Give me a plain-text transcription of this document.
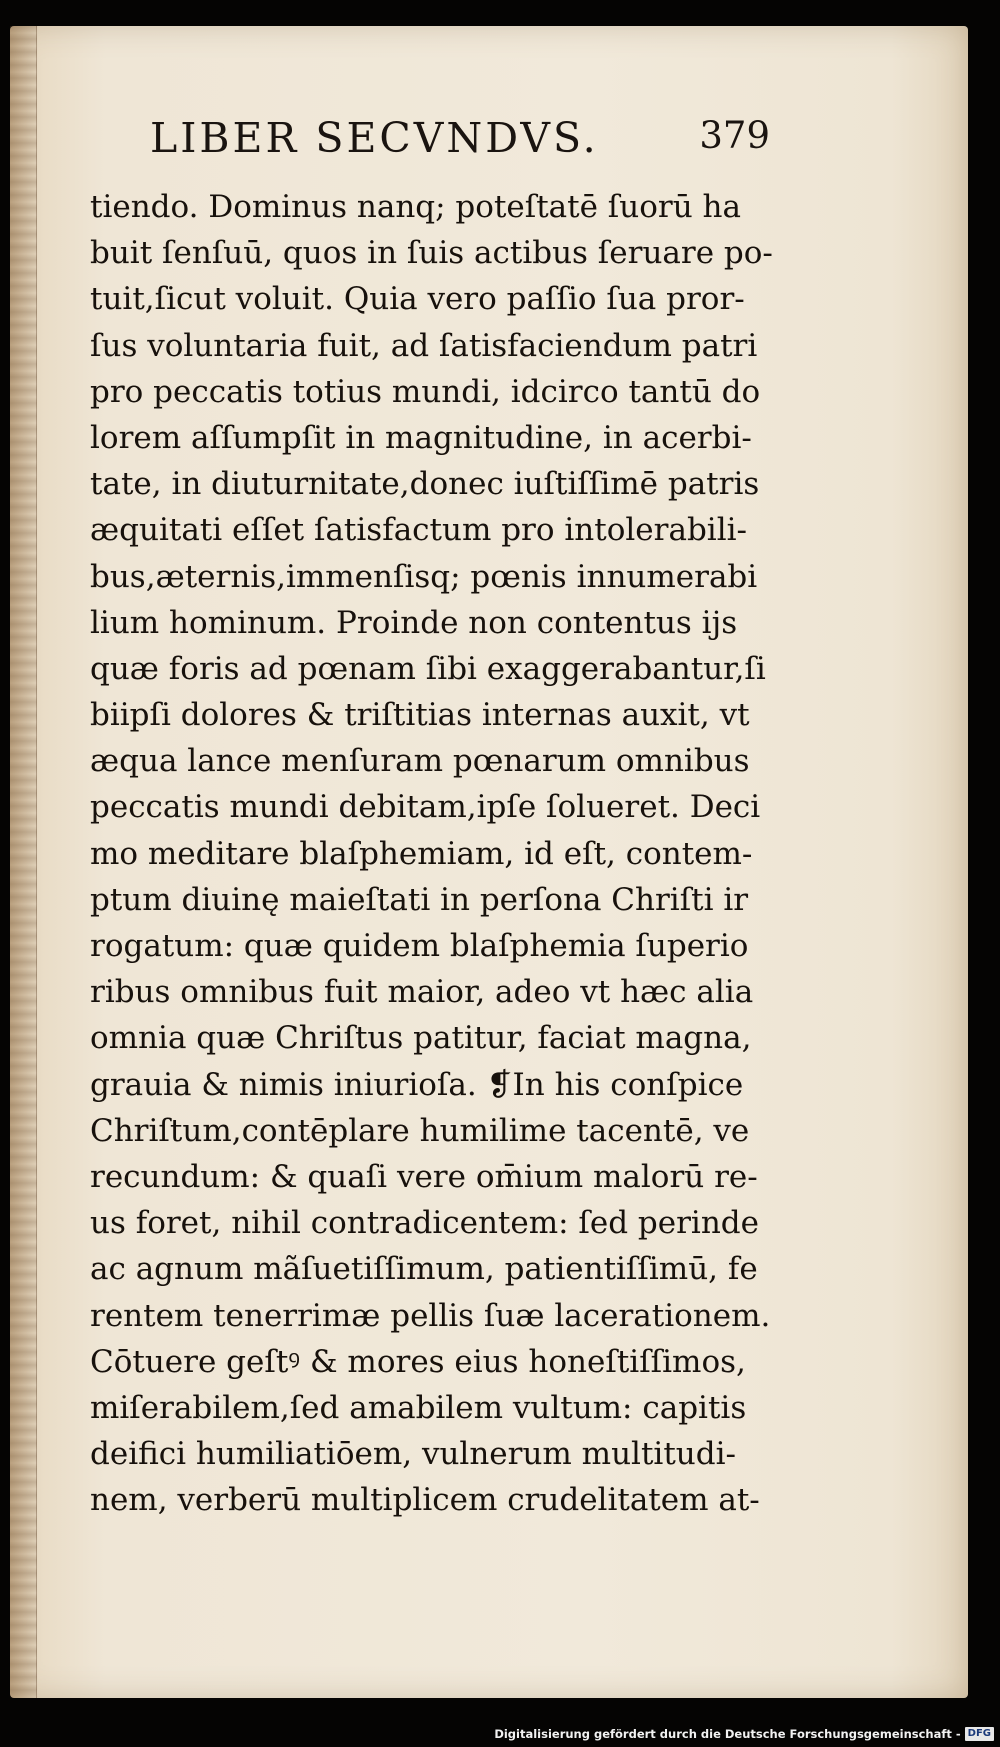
LIBER SECVNDVS.	379
tiendo. Dominus nanq; poteſtatē ſuorū ha
buit ſenſuū, quos in ſuis actibus ſeruare po-
tuit,ſicut voluit. Quia vero paſſio ſua pror-
ſus voluntaria fuit, ad ſatisfaciendum patri
pro peccatis totius mundi, idcirco tantū do
lorem aſſumpſit in magnitudine, in acerbi-
tate, in diuturnitate,donec iuſtiſſimē patris
æquitati eſſet ſatisfactum pro intolerabili-
bus,æternis,immenſisq; pœnis innumerabi
lium hominum. Proinde non contentus ijs
quæ foris ad pœnam ſibi exaggerabantur,ſi
biipſi dolores & triſtitias internas auxit, vt
æqua lance menſuram pœnarum omnibus
peccatis mundi debitam,ipſe ſolueret. Deci
mo meditare blaſphemiam, id eſt, contem-
ptum diuinę maieſtati in perſona Chriſti ir
rogatum: quæ quidem blaſphemia ſuperio
ribus omnibus fuit maior, adeo vt hæc alia
omnia quæ Chriſtus patitur, faciat magna,
grauia & nimis iniurioſa. ❡In his conſpice
Chriſtum,contēplare humilime tacentē, ve
recundum: & quaſi vere om̄ium malorū re-
us foret, nihil contradicentem: ſed perinde
ac agnum mãſuetiſſimum, patientiſſimū, fe
rentem tenerrimæ pellis ſuæ lacerationem.
Cōtuere geſtꝰ & mores eius honeſtiſſimos,
miſerabilem,ſed amabilem vultum: capitis
deifici humiliatiōem, vulnerum multitudi-
nem, verberū multiplicem crudelitatem at-
Digitalisierung gefördert durch die Deutsche Forschungsgemeinschaft - DFG
